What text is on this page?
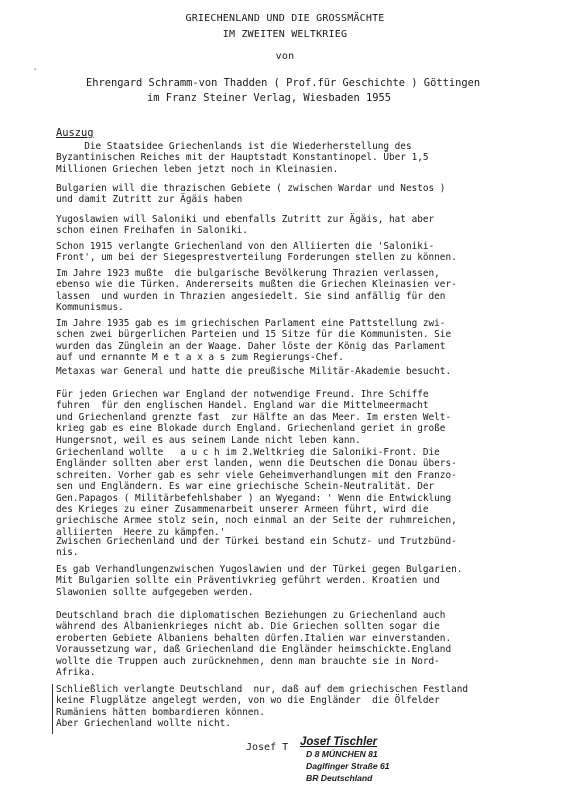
GRIECHENLAND UND DIE GROSSMÄCHTE
IM ZWEITEN WELTKRIEG
von
`
Ehrengard Schramm-von Thadden ( Prof.für Geschichte ) Göttingen
im Franz Steiner Verlag, Wiesbaden 1955
Auszug
Die Staatsidee Griechenlands ist die Wiederherstellung des
Byzantinischen Reiches mit der Hauptstadt Konstantinopel. Über 1,5
Millionen Griechen leben jetzt noch in Kleinasien.
Bulgarien will die thrazischen Gebiete ( zwischen Wardar und Nestos )
und damit Zutritt zur Ägäis haben
Yugoslawien will Saloniki und ebenfalls Zutritt zur Ägäis, hat aber
schon einen Freihafen in Saloniki.
Schon 1915 verlangte Griechenland von den Alliierten die 'Saloniki-
Front', um bei der Siegesprestverteilung Forderungen stellen zu können.
Im Jahre 1923 mußte  die bulgarische Bevölkerung Thrazien verlassen,
ebenso wie die Türken. Andererseits mußten die Griechen Kleinasien ver-
lassen  und wurden in Thrazien angesiedelt. Sie sind anfällig für den
Kommunismus.
Im Jahre 1935 gab es im griechischen Parlament eine Pattstellung zwi-
schen zwei bürgerlichen Parteien und 15 Sitze für die Kommunisten. Sie
wurden das Zünglein an der Waage. Daher löste der König das Parlament
auf und ernannte M e t a x a s zum Regierungs-Chef.
Metaxas war General und hatte die preußische Militär-Akademie besucht.
Für jeden Griechen war England der notwendige Freund. Ihre Schiffe
fuhren  für den englischen Handel. England war die Mittelmeermacht
und Griechenland grenzte fast  zur Hälfte an das Meer. Im ersten Welt-
krieg gab es eine Blokade durch England. Griechenland geriet in große
Hungersnot, weil es aus seinem Lande nicht leben kann.
Griechenland wollte   a u c h im 2.Weltkrieg die Saloniki-Front. Die
Engländer sollten aber erst landen, wenn die Deutschen die Donau übers-
schreiten. Vorher gab es sehr viele Geheimverhandlungen mit den Franzo-
sen und Engländern. Es war eine griechische Schein-Neutralität. Der
Gen.Papagos ( Militärbefehlshaber ) an Wyegand: ' Wenn die Entwicklung
des Krieges zu einer Zusammenarbeit unserer Armeen führt, wird die
griechische Armee stolz sein, noch einmal an der Seite der ruhmreichen,
alliierten  Heere zu kämpfen.'
Zwischen Griechenland und der Türkei bestand ein Schutz- und Trutzbünd-
nis.
Es gab Verhandlungenzwischen Yugoslawien und der Türkei gegen Bulgarien.
Mit Bulgarien sollte ein Präventivkrieg geführt werden. Kroatien und
Slawonien sollte aufgegeben werden.
Deutschland brach die diplomatischen Beziehungen zu Griechenland auch
während des Albanienkrieges nicht ab. Die Griechen sollten sogar die
eroberten Gebiete Albaniens behalten dürfen.Italien war einverstanden.
Voraussetzung war, daß Griechenland die Engländer heimschickte.England
wollte die Truppen auch zurücknehmen, denn man brauchte sie in Nord-
Afrika.
Schließlich verlangte Deutschland  nur, daß auf dem griechischen Festland
keine Flugplätze angelegt werden, von wo die Engländer  die Ölfelder
Rumäniens hätten bombardieren können.
Aber Griechenland wollte nicht.
Josef T Josef Tischler
D 8 MÜNCHEN 81
Daglfinger Straße 61
BR Deutschland
